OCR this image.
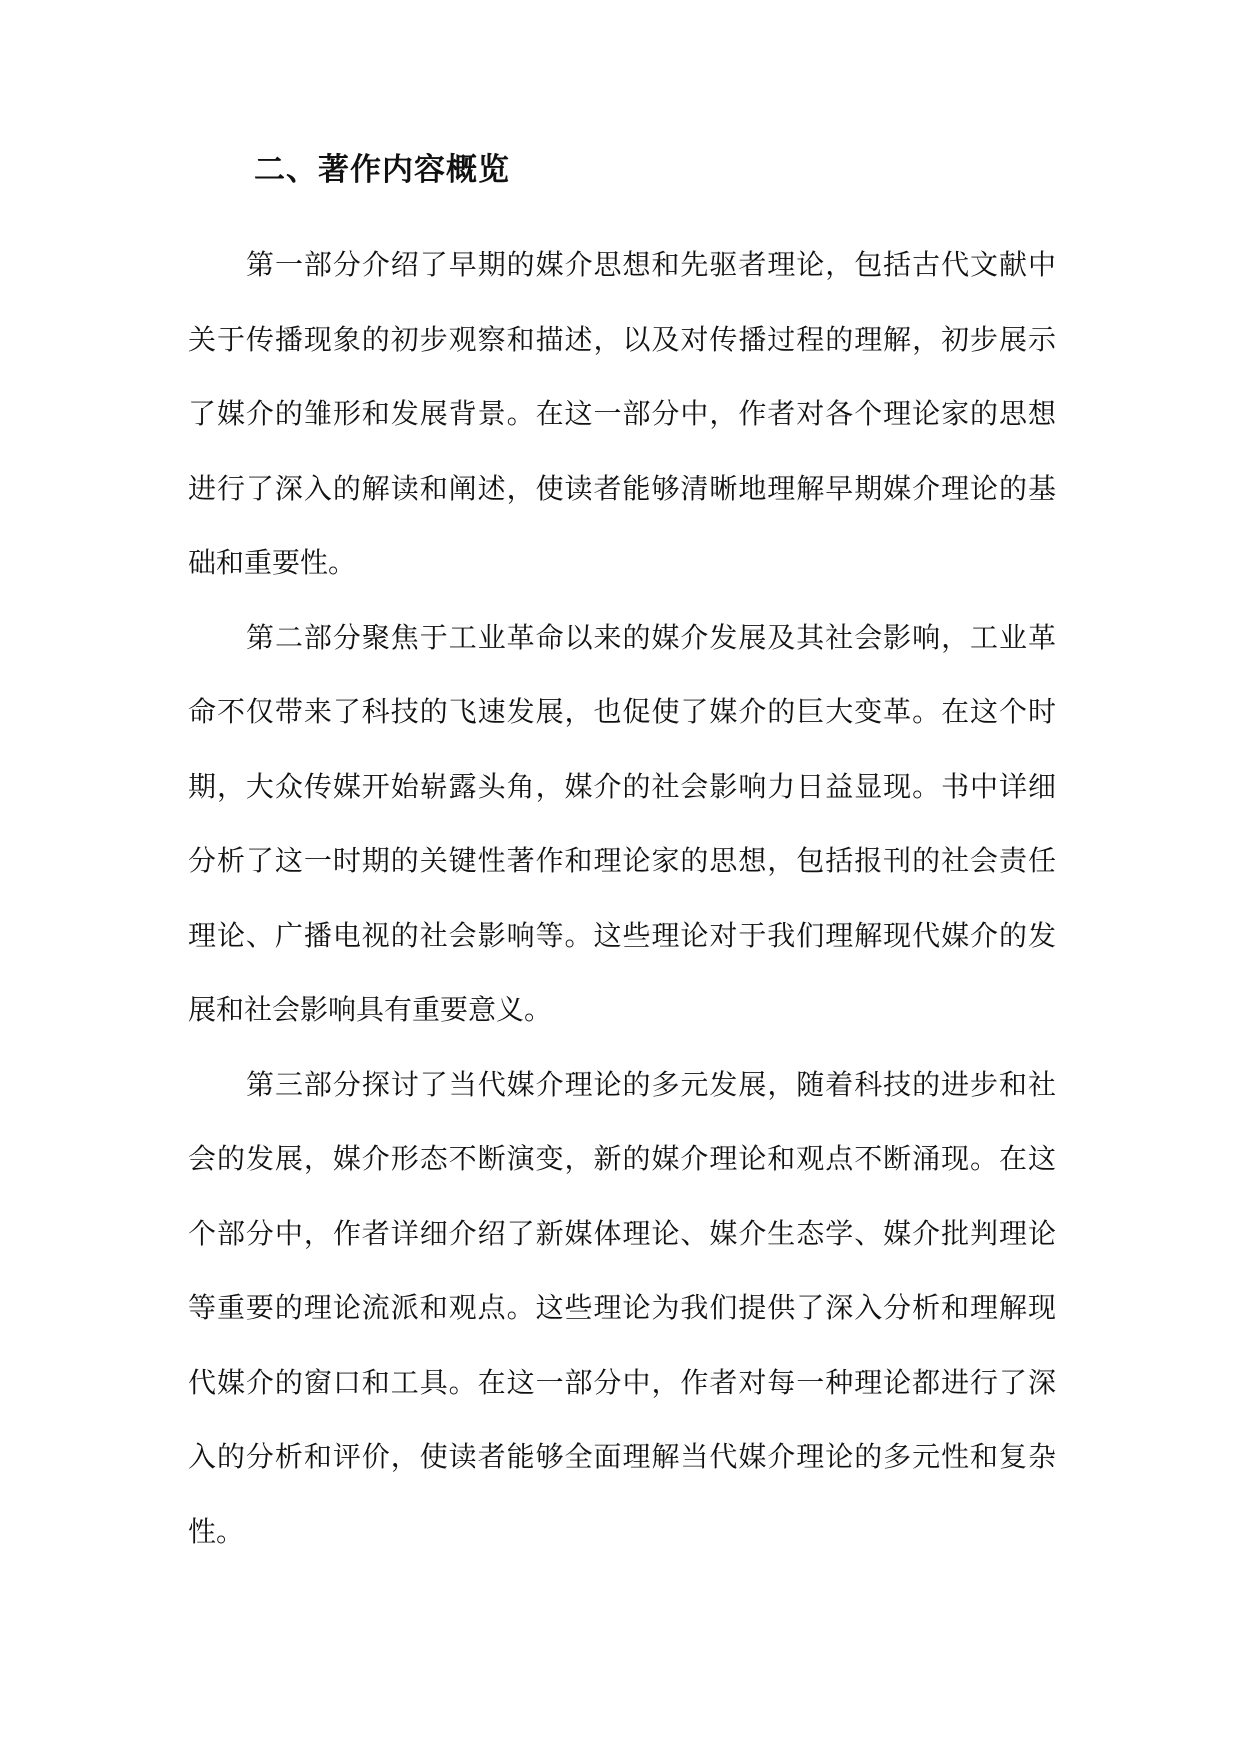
二、著作内容概览

第一部分介绍了早期的媒介思想和先驱者理论，包括古代文献中
关于传播现象的初步观察和描述，以及对传播过程的理解，初步展示
了媒介的雏形和发展背景。在这一部分中，作者对各个理论家的思想
进行了深入的解读和阐述，使读者能够清晰地理解早期媒介理论的基
础和重要性。

第二部分聚焦于工业革命以来的媒介发展及其社会影响，工业革
命不仅带来了科技的飞速发展，也促使了媒介的巨大变革。在这个时
期，大众传媒开始崭露头角，媒介的社会影响力日益显现。书中详细
分析了这一时期的关键性著作和理论家的思想，包括报刊的社会责任
理论、广播电视的社会影响等。这些理论对于我们理解现代媒介的发
展和社会影响具有重要意义。

第三部分探讨了当代媒介理论的多元发展，随着科技的进步和社
会的发展，媒介形态不断演变，新的媒介理论和观点不断涌现。在这
个部分中，作者详细介绍了新媒体理论、媒介生态学、媒介批判理论
等重要的理论流派和观点。这些理论为我们提供了深入分析和理解现
代媒介的窗口和工具。在这一部分中，作者对每一种理论都进行了深
入的分析和评价，使读者能够全面理解当代媒介理论的多元性和复杂
性。
